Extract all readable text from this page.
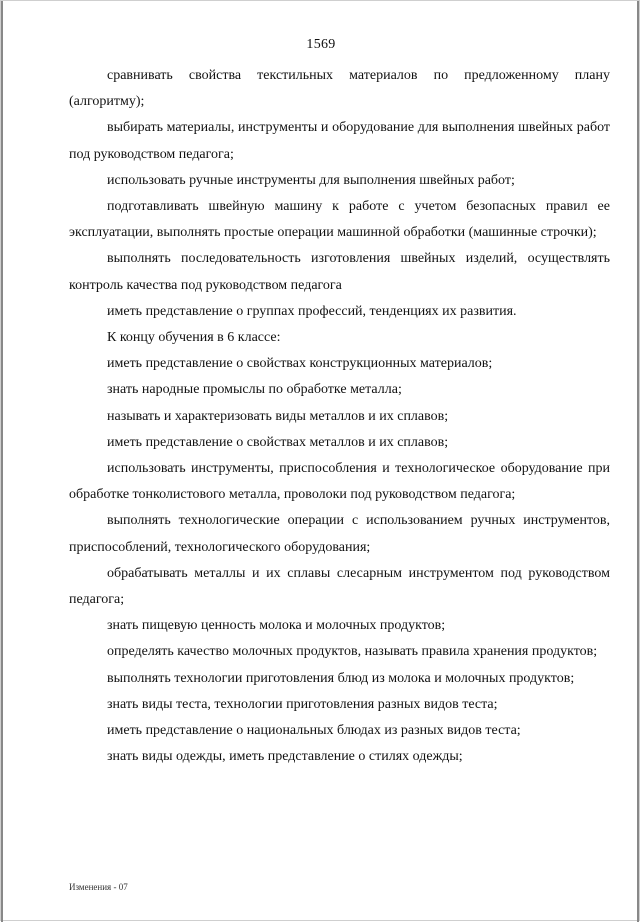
1569

сравнивать свойства текстильных материалов по предложенному плану (алгоритму);

выбирать материалы, инструменты и оборудование для выполнения швейных работ под руководством педагога;

использовать ручные инструменты для выполнения швейных работ;

подготавливать швейную машину к работе с учетом безопасных правил ее эксплуатации, выполнять простые операции машинной обработки (машинные строчки);

выполнять последовательность изготовления швейных изделий, осуществлять контроль качества под руководством педагога

иметь представление о группах профессий, тенденциях их развития.

К концу обучения в 6 классе:

иметь представление о свойствах конструкционных материалов;

знать народные промыслы по обработке металла;

называть и характеризовать виды металлов и их сплавов;

иметь представление о свойствах металлов и их сплавов;

использовать инструменты, приспособления и технологическое оборудование при обработке тонколистового металла, проволоки под руководством педагога;

выполнять технологические операции с использованием ручных инструментов, приспособлений, технологического оборудования;

обрабатывать металлы и их сплавы слесарным инструментом под руководством педагога;

знать пищевую ценность молока и молочных продуктов;

определять качество молочных продуктов, называть правила хранения продуктов;

выполнять технологии приготовления блюд из молока и молочных продуктов;

знать виды теста, технологии приготовления разных видов теста;

иметь представление о национальных блюдах из разных видов теста;

знать виды одежды, иметь представление о стилях одежды;

Изменения - 07
